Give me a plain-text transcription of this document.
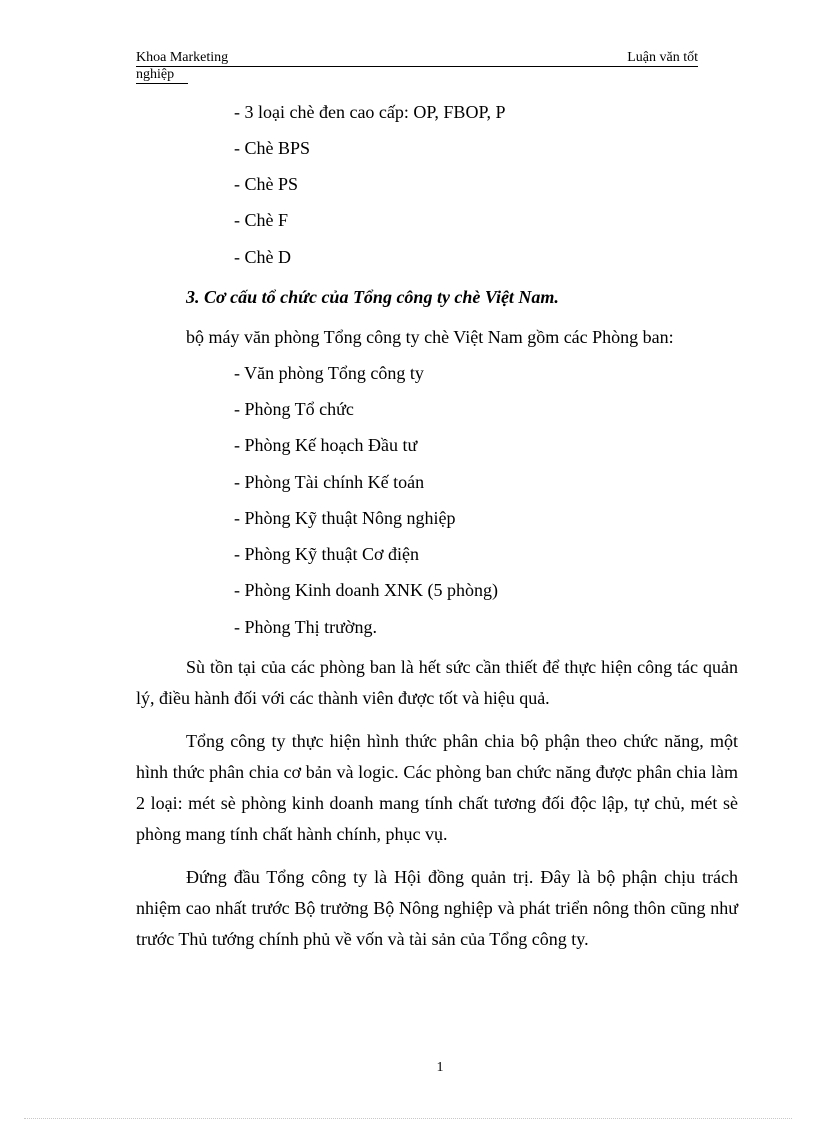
Khoa Marketing	Luận văn tốt
nghiệp
- 3 loại chè đen cao cấp: OP, FBOP, P
- Chè BPS
- Chè PS
- Chè F
- Chè D
3. Cơ cấu tổ chức của Tổng công ty chè Việt Nam.
bộ máy văn phòng Tổng công ty chè Việt Nam gồm các Phòng ban:
- Văn phòng Tổng công ty
- Phòng Tổ chức
- Phòng Kế hoạch Đầu tư
- Phòng Tài chính Kế toán
- Phòng Kỹ thuật Nông nghiệp
- Phòng Kỹ thuật Cơ điện
- Phòng Kinh doanh XNK (5 phòng)
- Phòng Thị trường.

Sù tồn tại của các phòng ban là hết sức cần thiết để thực hiện công tác quản lý, điều hành đối với các thành viên được tốt và hiệu quả.

Tổng công ty thực hiện hình thức phân chia bộ phận theo chức năng, một hình thức phân chia cơ bản và logic. Các phòng ban chức năng được phân chia làm 2 loại: mét sè phòng kinh doanh mang tính chất tương đối độc lập, tự chủ, mét sè phòng mang tính chất hành chính, phục vụ.

Đứng đầu Tổng công ty là Hội đồng quản trị. Đây là bộ phận chịu trách nhiệm cao nhất trước Bộ trưởng Bộ Nông nghiệp và phát triển nông thôn cũng như trước Thủ tướng chính phủ về vốn và tài sản của Tổng công ty.

1
